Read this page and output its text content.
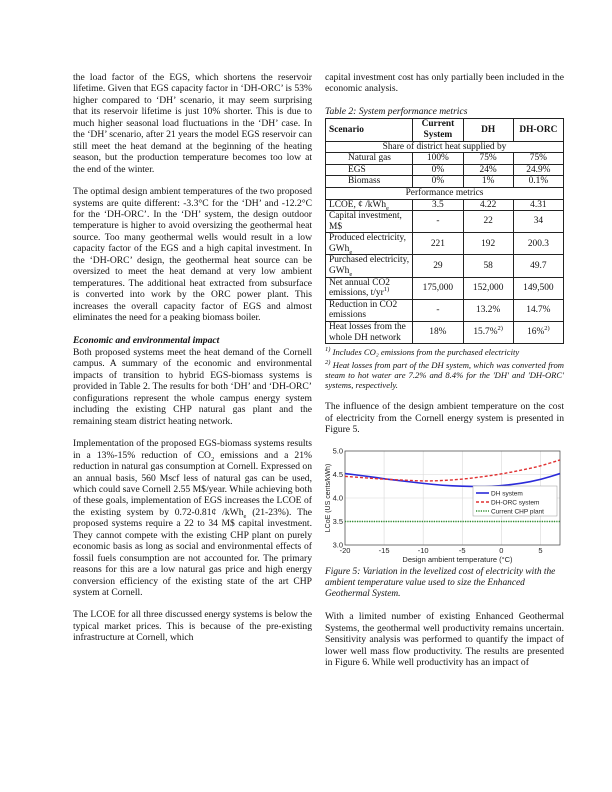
the load factor of the EGS, which shortens the reservoir lifetime. Given that EGS capacity factor in ‘DH-ORC’ is 53% higher compared to ‘DH’ scenario, it may seem surprising that its reservoir lifetime is just 10% shorter. This is due to much higher seasonal load fluctuations in the ‘DH’ case. In the ‘DH’ scenario, after 21 years the model EGS reservoir can still meet the heat demand at the beginning of the heating season, but the production temperature becomes too low at the end of the winter.

The optimal design ambient temperatures of the two proposed systems are quite different: -3.3°C for the ‘DH’ and -12.2°C for the ‘DH-ORC’. In the ‘DH’ system, the design outdoor temperature is higher to avoid oversizing the geothermal heat source. Too many geothermal wells would result in a low capacity factor of the EGS and a high capital investment. In the ‘DH-ORC’ design, the geothermal heat source can be oversized to meet the heat demand at very low ambient temperatures. The additional heat extracted from subsurface is converted into work by the ORC power plant. This increases the overall capacity factor of EGS and almost eliminates the need for a peaking biomass boiler.

Economic and environmental impact

Both proposed systems meet the heat demand of the Cornell campus. A summary of the economic and environmental impacts of transition to hybrid EGS-biomass systems is provided in Table 2. The results for both ‘DH’ and ‘DH-ORC’ configurations represent the whole campus energy system including the existing CHP natural gas plant and the remaining steam district heating network.

Implementation of the proposed EGS-biomass systems results in a 13%-15% reduction of $CO_2$ emissions and a 21% reduction in natural gas consumption at Cornell. Expressed on an annual basis, 560 Mscf less of natural gas can be used, which could save Cornell 2.55 M$/year. While achieving both of these goals, implementation of EGS increases the LCOE of the existing system by 0.72-0.81¢ /kWh$_e$ (21-23%). The proposed systems require a 22 to 34 M$ capital investment. They cannot compete with the existing CHP plant on purely economic basis as long as social and environmental effects of fossil fuels consumption are not accounted for. The primary reasons for this are a low natural gas price and high energy conversion efficiency of the existing state of the art CHP system at Cornell.

The LCOE for all three discussed energy systems is below the typical market prices. This is because of the pre-existing infrastructure at Cornell, which

capital investment cost has only partially been included in the economic analysis.

Table 2: System performance metrics
Scenario	Current System	DH	DH-ORC
Share of district heat supplied by			
Natural gas	100%	75%	75%
EGS	0%	24%	24.9%
Biomass	0%	1%	0.1%
Performance metrics			
LCOE, ¢ /kWh$_e$	3.5	4.22	4.31
Capital investment, M$	-	22	34
Produced electricity, GWh$_e$	221	192	200.3
Purchased electricity, GWh$_e$	29	58	49.7
Net annual CO2 emissions, $t/yr^{1)}$	175,000	152,000	149,500
Reduction in CO2 emissions	-	13.2%	14.7%
Heat losses from the whole DH network	18%	15.7%$^{2)}$	16%$^{2)}$
$^{1)}$ Includes CO₂ emissions from the purchased electricity
$^{2)}$ Heat losses from part of the DH system, which was converted from steam to hot water are 7.2% and 8.4% for the 'DH' and 'DH-ORC' systems, respectively.

The influence of the design ambient temperature on the cost of electricity from the Cornell energy system is presented in Figure 5.

-20	-15	-10	-5	0	5
3.0
3.5
4.0
4.5
5.0
Design ambient temperature (°C)
LCoE (US cents/kWh)	DH system
DH-ORC system
Current CHP plant
Figure 5: Variation in the levelized cost of electricity with the ambient temperature value used to size the Enhanced Geothermal System.

With a limited number of existing Enhanced Geothermal Systems, the geothermal well productivity remains uncertain. Sensitivity analysis was performed to quantify the impact of lower well mass flow productivity. The results are presented in Figure 6. While well productivity has an impact of
